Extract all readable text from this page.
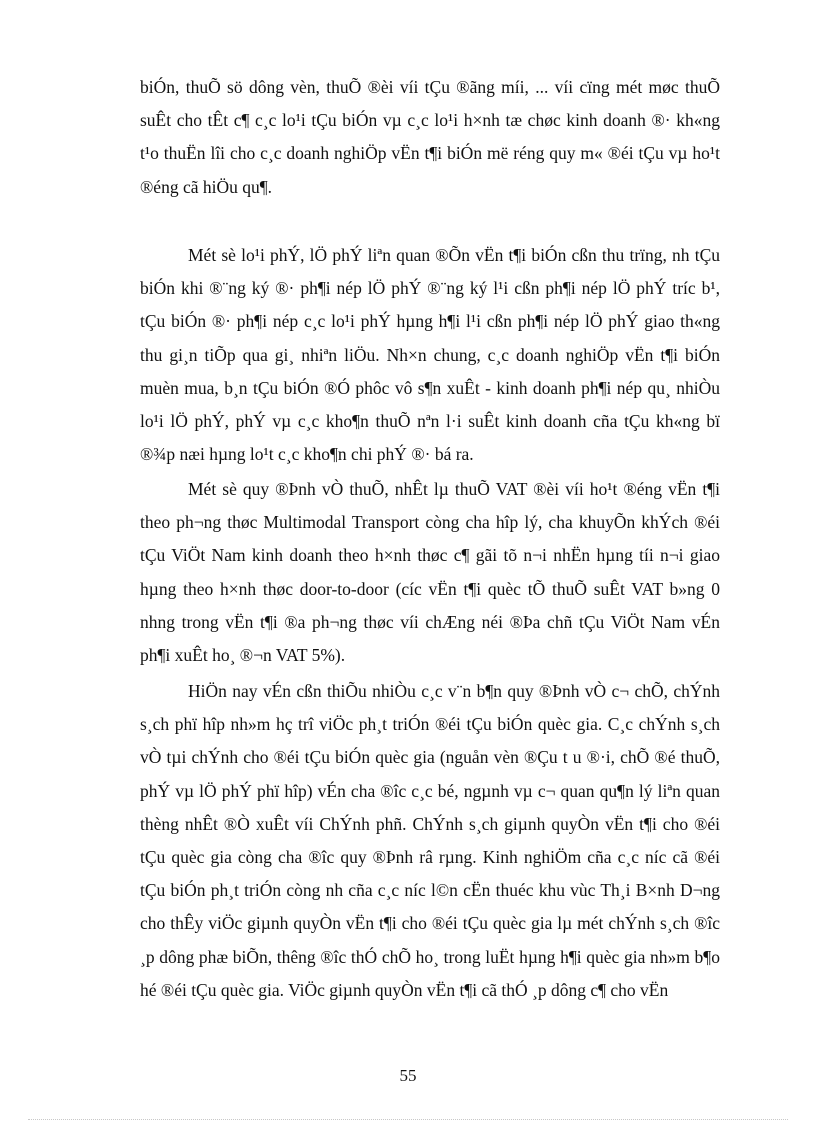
biÓn, thuÕ sö dông vèn, thuÕ ®èi víi tÇu ®ãng míi, ... víi cïng mét møc thuÕ suÊt cho tÊt c¶ c¸c lo¹i tÇu biÓn vµ c¸c lo¹i h×nh tæ chøc kinh doanh ®· kh«ng t¹o thuËn lîi cho c¸c doanh nghiÖp vËn t¶i biÓn më réng quy m« ®éi tÇu vµ ho¹t ®éng cã hiÖu qu¶.

Mét sè lo¹i phÝ, lÖ phÝ liªn quan ®Õn vËn t¶i biÓn cßn thu trïng, nh tÇu biÓn khi ®¨ng ký ®· ph¶i nép lÖ phÝ ®¨ng ký l¹i cßn ph¶i nép lÖ phÝ tríc b¹, tÇu biÓn ®· ph¶i nép c¸c lo¹i phÝ hµng h¶i l¹i cßn ph¶i nép lÖ phÝ giao th«ng thu gi¸n tiÕp qua gi¸ nhiªn liÖu. Nh×n chung, c¸c doanh nghiÖp vËn t¶i biÓn muèn mua, b¸n tÇu biÓn ®Ó phôc vô s¶n xuÊt - kinh doanh ph¶i nép qu¸ nhiÒu lo¹i lÖ phÝ, phÝ vµ c¸c kho¶n thuÕ nªn l·i suÊt kinh doanh cña tÇu kh«ng bï ®¾p næi hµng lo¹t c¸c kho¶n chi phÝ ®· bá ra.

Mét sè quy ®Þnh vÒ thuÕ, nhÊt lµ thuÕ VAT ®èi víi ho¹t ®éng vËn t¶i theo ph¬ng thøc Multimodal Transport còng cha hîp lý, cha khuyÕn khÝch ®éi tÇu ViÖt Nam kinh doanh theo h×nh thøc c¶ gãi tõ n¬i nhËn hµng tíi n¬i giao hµng theo h×nh thøc door-to-door (cíc vËn t¶i quèc tÕ thuÕ suÊt VAT b»ng 0 nhng trong vËn t¶i ®a ph¬ng thøc víi chÆng néi ®Þa chñ tÇu ViÖt Nam vÉn ph¶i xuÊt ho¸ ®¬n VAT 5%).

HiÖn nay vÉn cßn thiÕu nhiÒu c¸c v¨n b¶n quy ®Þnh vÒ c¬ chÕ, chÝnh s¸ch phï hîp nh»m hç trî viÖc ph¸t triÓn ®éi tÇu biÓn quèc gia. C¸c chÝnh s¸ch vÒ tµi chÝnh cho ®éi tÇu biÓn quèc gia (nguån vèn ®Çu t u ®·i, chÕ ®é thuÕ, phÝ vµ lÖ phÝ phï hîp) vÉn cha ®îc c¸c bé, ngµnh vµ c¬ quan qu¶n lý liªn quan thèng nhÊt ®Ò xuÊt víi ChÝnh phñ. ChÝnh s¸ch giµnh quyÒn vËn t¶i cho ®éi tÇu quèc gia còng cha ®îc quy ®Þnh râ rµng. Kinh nghiÖm cña c¸c níc cã ®éi tÇu biÓn ph¸t triÓn còng nh cña c¸c níc l©n cËn thuéc khu vùc Th¸i B×nh D¬ng cho thÊy viÖc giµnh quyÒn vËn t¶i cho ®éi tÇu quèc gia lµ mét chÝnh s¸ch ®îc ¸p dông phæ biÕn, thêng ®îc thÓ chÕ ho¸ trong luËt hµng h¶i quèc gia nh»m b¶o hé ®éi tÇu quèc gia. ViÖc giµnh quyÒn vËn t¶i cã thÓ ¸p dông c¶ cho vËn

55
